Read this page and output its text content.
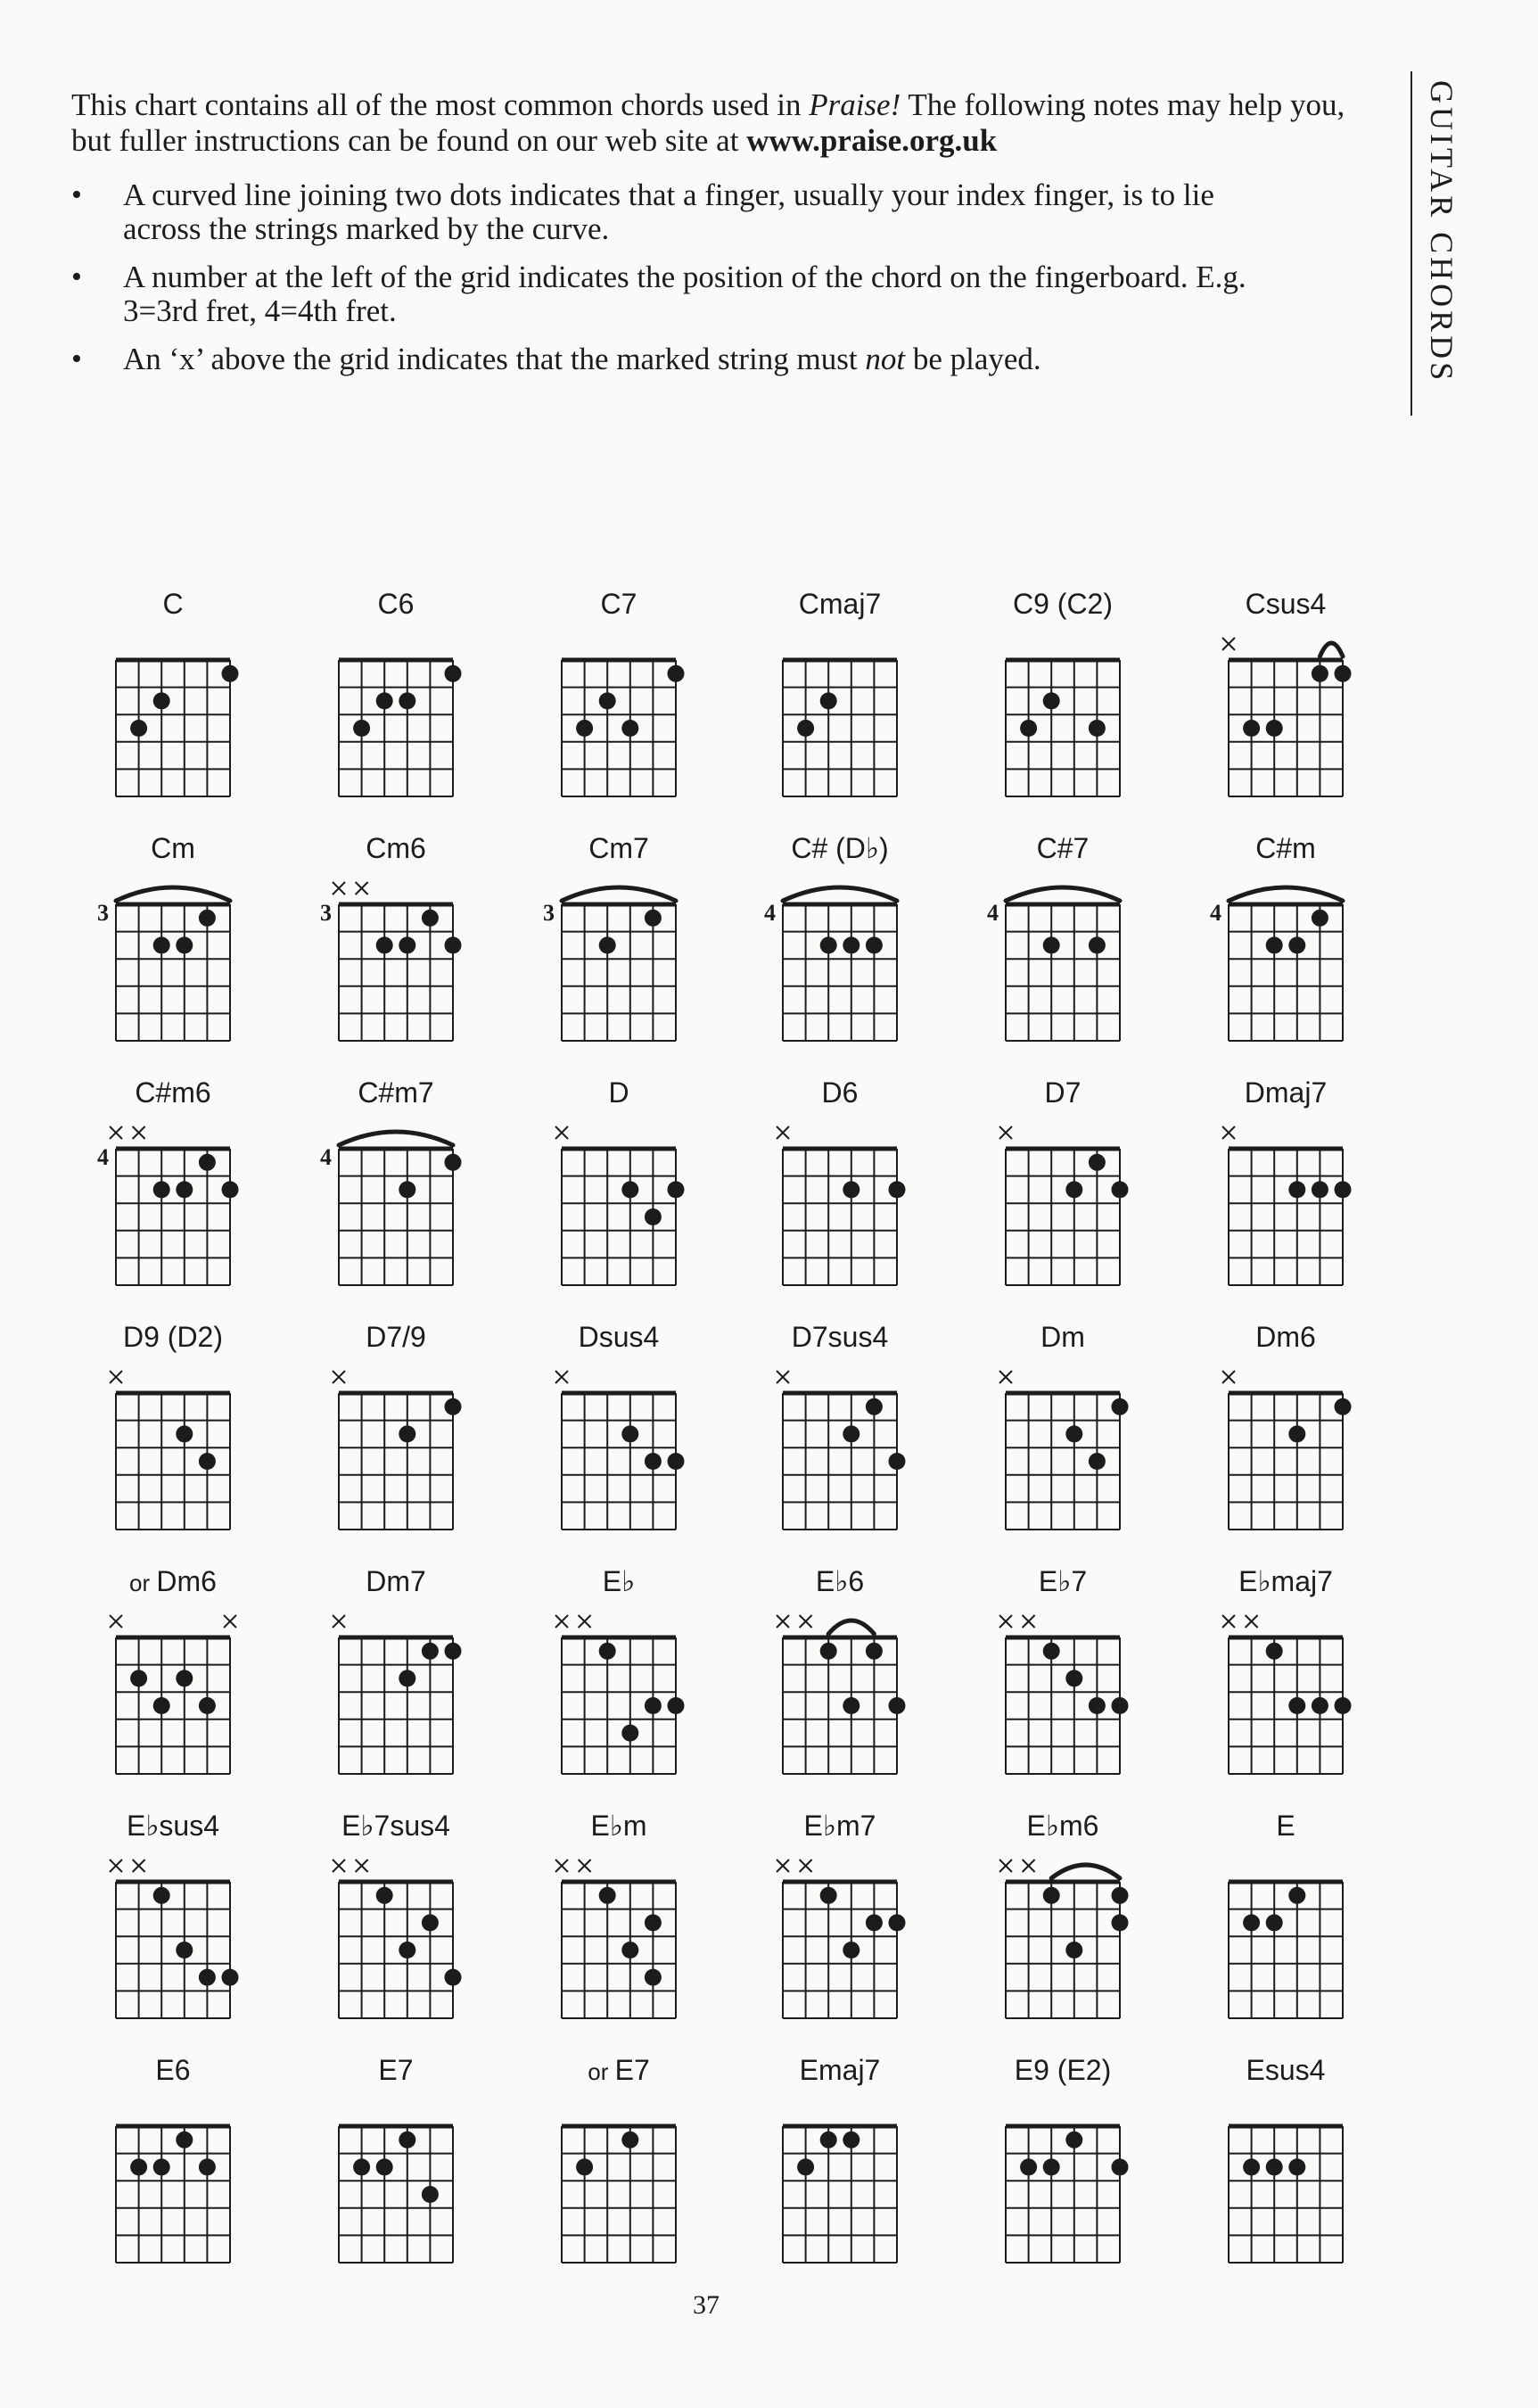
This chart contains all of the most common chords used in Praise! The following notes may help you, but fuller instructions can be found on our web site at www.praise.org.uk

• A curved line joining two dots indicates that a finger, usually your index finger, is to lie across the strings marked by the curve.
• A number at the left of the grid indicates the position of the chord on the fingerboard. E.g. 3=3rd fret, 4=4th fret.
• An ‘x’ above the grid indicates that the marked string must not be played.	GUITAR CHORDS
C	C6	C7	Cmaj7	C9 (C2)	Csus4
Cm	Cm6	Cm7	C# (D♭)	C#7	C#m
C#m6	C#m7	D	D6	D7	Dmaj7
D9 (D2)	D7/9	Dsus4	D7sus4	Dm	Dm6
or Dm6	Dm7	E♭	E♭6	E♭7	E♭maj7
E♭sus4	E♭7sus4	E♭m	E♭m7	E♭m6	E
E6	E7	or E7	Emaj7	E9 (E2)	Esus4
3	3	3	4	4	4
4	4
37
